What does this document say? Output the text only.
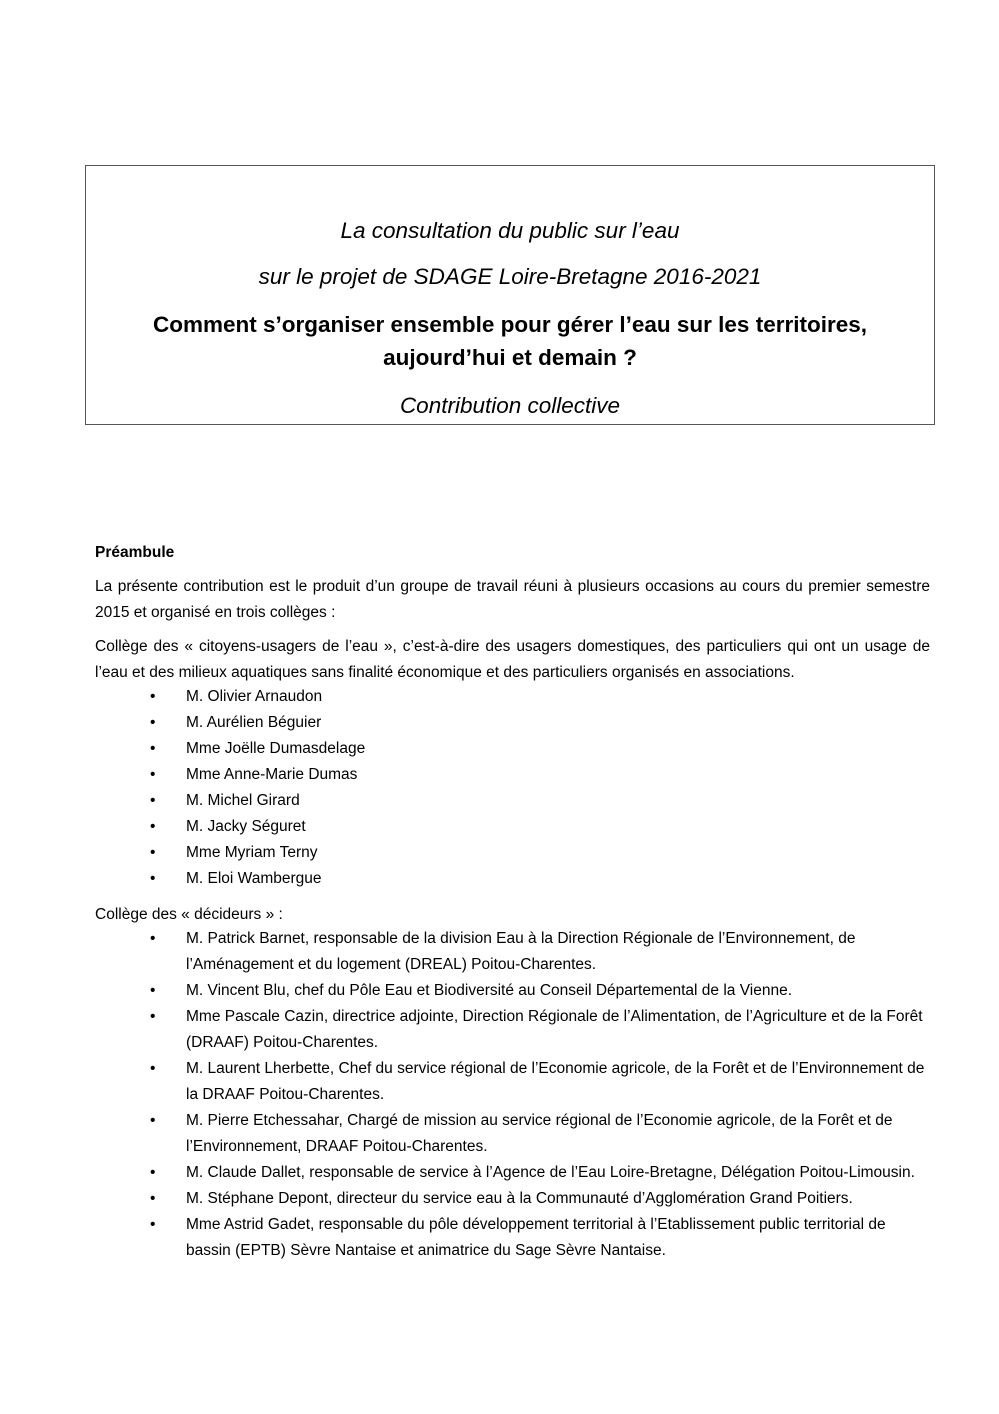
La consultation du public sur l’eau
sur le projet de SDAGE Loire-Bretagne 2016-2021
Comment s’organiser ensemble pour gérer l’eau sur les territoires,
aujourd’hui et demain ?
Contribution collective
Préambule
La présente contribution est le produit d’un groupe de travail réuni à plusieurs occasions au cours du premier semestre 2015 et organisé en trois collèges :
Collège des « citoyens-usagers de l’eau », c’est-à-dire des usagers domestiques, des particuliers qui ont un usage de l’eau et des milieux aquatiques sans finalité économique et des particuliers organisés en associations.
• M. Olivier Arnaudon
• M. Aurélien Béguier
• Mme Joëlle Dumasdelage
• Mme Anne-Marie Dumas
• M. Michel Girard
• M. Jacky Séguret
• Mme Myriam Terny
• M. Eloi Wambergue
Collège des « décideurs » :
• M. Patrick Barnet, responsable de la division Eau à la Direction Régionale de l’Environnement, de l’Aménagement et du logement (DREAL) Poitou-Charentes.
• M. Vincent Blu, chef du Pôle Eau et Biodiversité au Conseil Départemental de la Vienne.
• Mme Pascale Cazin, directrice adjointe, Direction Régionale de l’Alimentation, de l’Agriculture et de la Forêt (DRAAF) Poitou-Charentes.
• M. Laurent Lherbette, Chef du service régional de l’Economie agricole, de la Forêt et de l’Environnement de la DRAAF Poitou-Charentes.
• M. Pierre Etchessahar, Chargé de mission au service régional de l’Economie agricole, de la Forêt et de l’Environnement, DRAAF Poitou-Charentes.
• M. Claude Dallet, responsable de service à l’Agence de l’Eau Loire-Bretagne, Délégation Poitou-Limousin.
• M. Stéphane Depont, directeur du service eau à la Communauté d’Agglomération Grand Poitiers.
• Mme Astrid Gadet, responsable du pôle développement territorial à l’Etablissement public territorial de bassin (EPTB) Sèvre Nantaise et animatrice du Sage Sèvre Nantaise.
